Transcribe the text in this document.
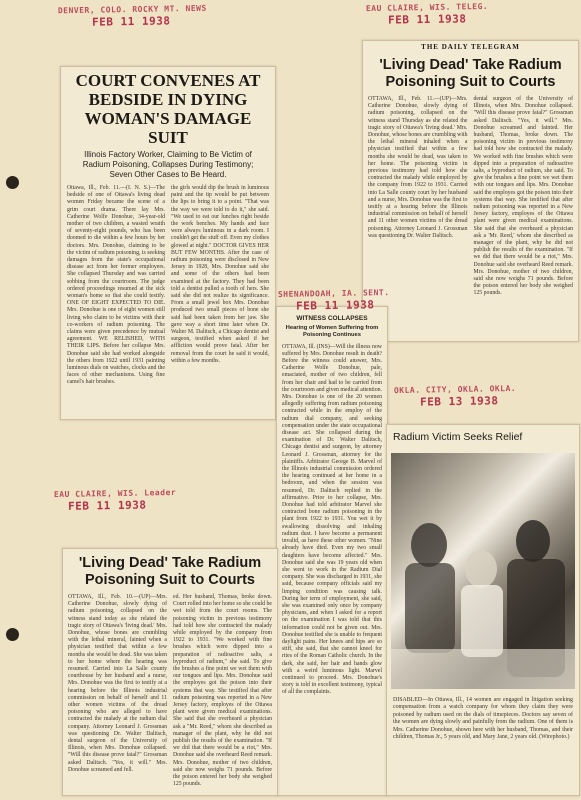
COURT CONVENES AT BEDSIDE IN DYING WOMAN'S DAMAGE SUIT
Illinois Factory Worker, Claiming to Be Victim of Radium Poisoning, Collapses During Testimony; Seven Other Cases to Be Heard.
Ottawa, Ill., Feb. 11.—(I. N. S.)—The bedside of one of Ottawa's living dead women Friday became the scene of a grim court drama. There lay Mrs. Catherine Wolfe Donohue, 34-year-old mother of two children, a wasted wraith of seventy-eight pounds, who has been doomed to die within a few hours by her doctors. Mrs. Donohue, claiming to be the victim of radium poisoning, is seeking damages from the state's occupational disease act from her former employers. She collapsed Thursday and was carried sobbing from the courtroom. The judge ordered proceedings resumed at the sick woman's home so that she could testify. ONE OF EIGHT EXPECTED TO DIE. Mrs. Donohue is one of eight women still living who claim to be victims with their co-workers of radium poisoning. The claims were given precedence by mutual agreement. WE RELISHED, WITH THEIR LIPS. Before her collapse Mrs. Donohue said she had worked alongside the others from 1922 until 1931 painting luminous dials on watches, clocks and the faces of other mechanisms. Using fine camel's hair brushes.
the girls would dip the brush in luminous paint and the tip would be put between the lips to bring it to a point. "That was the way we were told to do it," she said. "We used to eat our lunches right beside the work benches. My hands and face were always luminous in a dark room. I couldn't get the stuff off. Even my clothes glowed at night." DOCTOR GIVES HER BUT FEW MONTHS. After the case of radium poisoning were disclosed in New Jersey in 1928, Mrs. Donohue said she and some of the others had been examined at the factory. They had been told a dentist pulled a tooth of hers. She said she did not realize its significance. From a small jewel box Mrs. Donohue produced two small pieces of bone she said had been taken from her jaw. She gave way a short time later when Dr. Walter M. Dalitsch, a Chicago dentist and surgeon, testified when asked if her affliction would prove fatal. After her removal from the court he said it would, within a few months.
DENVER, COLO. ROCKY MT. NEWS
FEB 11 1938
THE DAILY TELEGRAM
'Living Dead' Take Radium Poisoning Suit to Courts
OTTAWA, Ill., Feb. 11.—(UP)—Mrs. Catherine Donohue, slowly dying of radium poisoning, collapsed on the witness stand Thursday as she related the tragic story of Ottawa's 'living dead.' Mrs. Donohue, whose bones are crumbling with the lethal mineral inhaled when a physician testified that within a few months she would be dead, was taken to her home. The poisoning victim in previous testimony had told how she contracted the malady while employed by the company from 1922 to 1931. Carried into La Salle county court by her husband and a nurse, Mrs. Donohue was the first to testify at a hearing before the Illinois industrial commission on behalf of herself and 11 other women victims of the dread poisoning. Attorney Leonard J. Grossman was questioning Dr. Walter Dalitsch.
dental surgeon of the University of Illinois, when Mrs. Donohue collapsed. "Will this disease prove fatal?" Grossman asked Dalitsch. "Yes, it will." Mrs. Donohue screamed and fainted. Her husband, Thomas, broke down. The poisoning victim in previous testimony had told how she contracted the malady. We worked with fine brushes which were dipped into a preparation of radioactive salts, a byproduct of radium, she said. To give the brushes a fine point we wet them with our tongues and lips. Mrs. Donohue said the employes got the poison into their systems that way. She testified that after radium poisoning was reported in a New Jersey factory, employes of the Ottawa plant were given medical examinations. She said that she overheard a physician ask a 'Mr. Reed,' whom she described as manager of the plant, why he did not publish the results of the examination. "If we did that there would be a riot," Mrs. Donohue said she overheard Reed remark. Mrs. Donohue, mother of two children, said she now weighs 71 pounds. Before the poison entered her body she weighed 125 pounds.
EAU CLAIRE, WIS. TELEG.
FEB 11 1938
WITNESS COLLAPSES
Hearing of Women Suffering from Poisoning Continues
OTTAWA, Ill. (INS)—Will the illness now suffered by Mrs. Donohue result in death? Before the witness could answer, Mrs. Catherine Wolfe Donohue, pale, emaciated, mother of two children, fell from her chair and had to be carried from the courtroom and given medical attention. Mrs. Donohue is one of the 20 women allegedly suffering from radium poisoning contracted while in the employ of the radium dial company, and seeking compensation under the state occupational disease act. She collapsed during the examination of Dr. Walter Dalitsch, Chicago dentist and surgeon, by attorney Leonard J. Grossman, attorney for the plaintiffs. Arbitrator George B. Marvel of the Illinois industrial commission ordered the hearing continued at her home in a bedroom, and when the session was resumed, Dr. Dalitsch replied in the affirmative. Prior to her collapse, Mrs. Donohue had told arbitrator Marvel she contracted bone radium poisoning in the plant from 1922 to 1931. You wet it by swallowing dissolving and inhaling radium dust. I have become a permanent invalid, as have these other women. "Nine already have died. Even my two small daughters have become affected." Mrs. Donohue said she was 19 years old when she went to work in the Radium Dial company. She was discharged in 1931, she said, because company officials said my limping condition was causing talk. During her term of employment, she said, she was examined only once by company physicians, and when I asked for a report on the examination I was told that this information could not be given out. Mrs. Donohue testified she is unable to frequent daylight pains. Her knees and hips are so stiff, she said, that she cannot kneel for rites of the Roman Catholic church. In the dark, she said, her hair and hands glow with a weird luminous light. Marvel continued to proceed. Mrs. Donohue's story is told in excellent testimony, typical of all the complaints.
SHENANDOAH, IA. SENT.
FEB 11 1938
'Living Dead' Take Radium Poisoning Suit to Courts
OTTAWA, Ill., Feb. 10.—(UP)—Mrs. Catherine Donohue, slowly dying of radium poisoning, collapsed on the witness stand today as she related the tragic story of Ottawa's 'living dead.' Mrs. Donohue, whose bones are crumbling with the lethal mineral, fainted when a physician testified that within a few months she would be dead. She was taken to her home where the hearing was resumed. Carried into La Salle county courthouse by her husband and a nurse, Mrs. Donohue was the first to testify at a hearing before the Illinois industrial commission on behalf of herself and 11 other women victims of the dread poisoning who are alleged to have contracted the malady at the radium dial company. Attorney Leonard J. Grossman was questioning Dr. Walter Dalitsch, dental surgeon of the University of Illinois, when Mrs. Donohue collapsed. "Will this disease prove fatal?" Grossman asked Dalitsch. "Yes, it will." Mrs. Donohue screamed and fell.
ed. Her husband, Thomas, broke down. Court rolled into her home so she could be wet told from the court rooms. The poisoning victim in previous testimony had told how she contracted the malady while employed by the company from 1922 to 1931. "We worked with fine brushes which were dipped into a preparation of radioactive salts, a byproduct of radium," she said. To give the brushes a fine point we wet them with our tongues and lips. Mrs. Donohue said the employes got the poison into their systems that way. She testified that after radium poisoning was reported in a New Jersey factory, employes of the Ottawa plant were given medical examinations. She said that she overheard a physician ask a "Mr. Reed," whom she described as manager of the plant, why he did not publish the results of the examination. "If we did that there would be a riot," Mrs. Donohue said she overheard Reed remark. Mrs. Donohue, mother of two children, said she now weighs 71 pounds. Before the poison entered her body she weighed 125 pounds.
EAU CLAIRE, WIS. Leader
FEB 11 1938
Radium Victim Seeks Relief
DISABLED—In Ottawa, Ill., 14 women are engaged in litigation seeking compensation from a watch company for whom they claim they were poisoned by radium used on the dials of timepieces. Doctors say seven of the women are dying slowly and painfully from the radium. One of them is Mrs. Catherine Donohue, shown here with her husband, Thomas, and their children, Thomas Jr., 5 years old, and Mary Jane, 2 years old. (Wirephoto.)
OKLA. CITY, OKLA. OKLA.
FEB 13 1938
